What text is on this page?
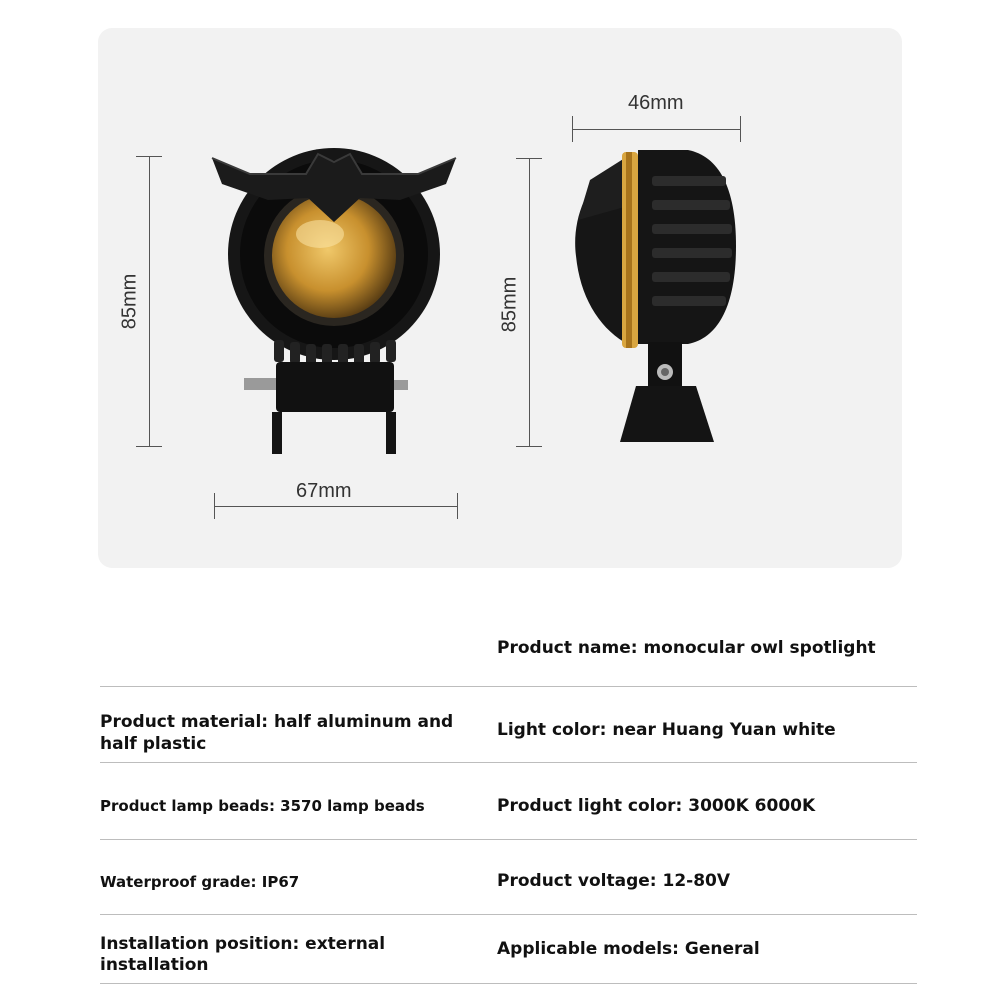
85mm
67mm
85mm
46mm
Product name: monocular owl spotlight
Product material: half aluminum and
half plastic
Light color: near Huang Yuan white
Product lamp beads: 3570 lamp beads	Product light color: 3000K 6000K
Waterproof grade: IP67	Product voltage: 12-80V
Installation position: external
installation
Applicable models: General
